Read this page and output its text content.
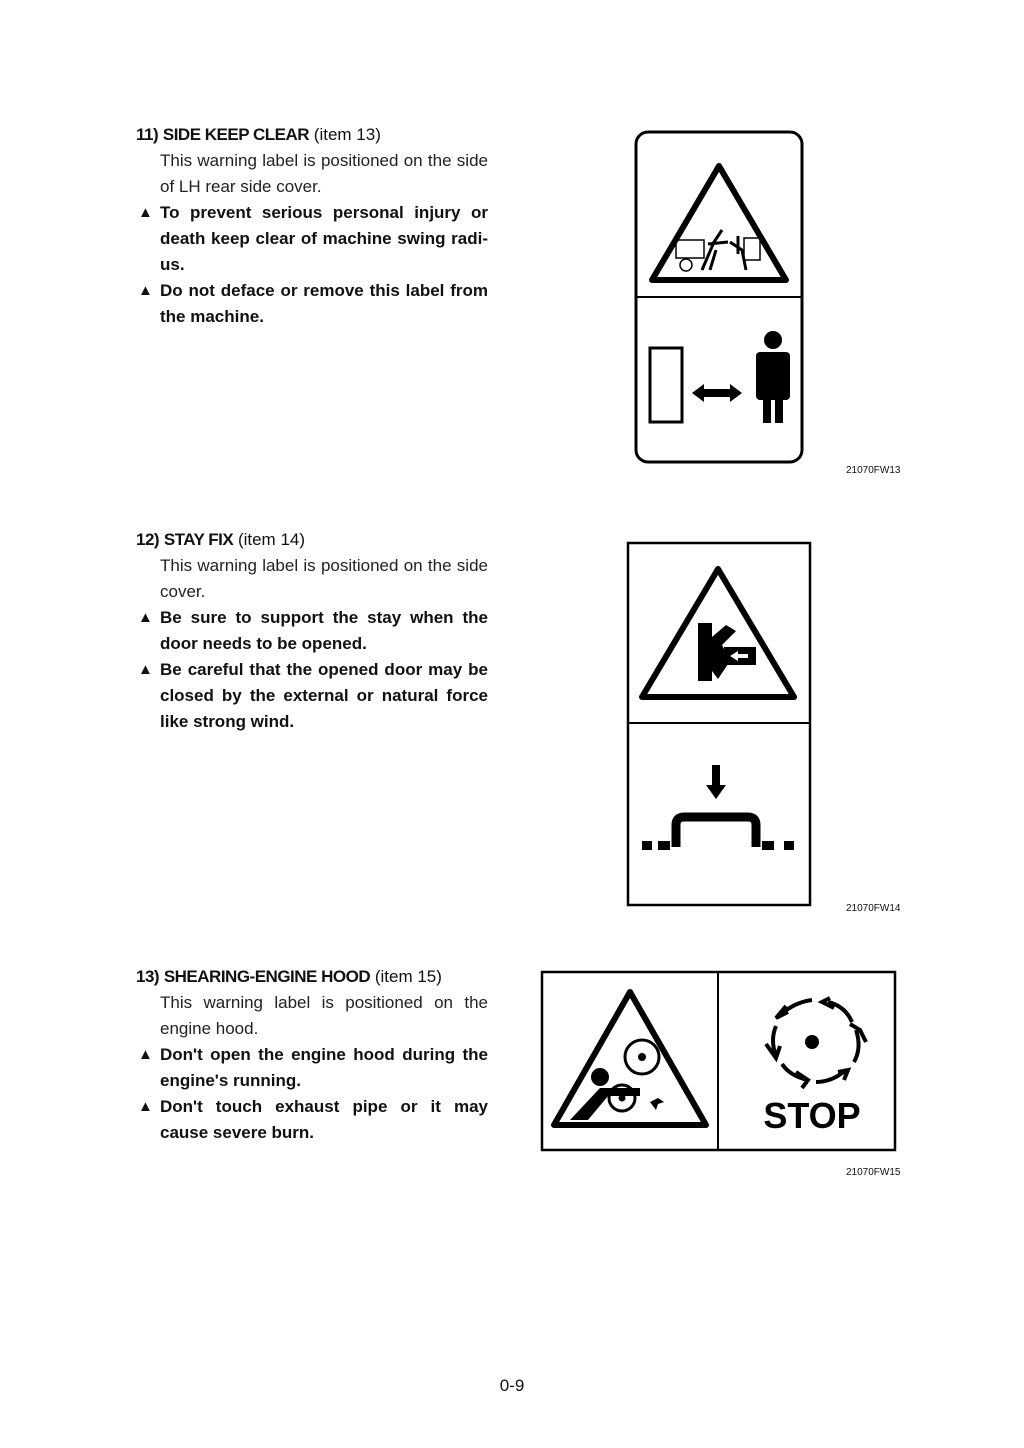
11) SIDE KEEP CLEAR (item 13)
This warning label is positioned on the side of LH rear side cover.
▲ To prevent serious personal injury or death keep clear of machine swing radi-us.
▲ Do not deface or remove this label from the machine.
21070FW13
12) STAY FIX (item 14)
This warning label is positioned on the side cover.
▲ Be sure to support the stay when the door needs to be opened.
▲ Be careful that the opened door may be closed by the external or natural force like strong wind.
21070FW14
13) SHEARING-ENGINE HOOD (item 15)
This warning label is positioned on the engine hood.
▲ Don't open the engine hood during the engine's running.
▲ Don't touch exhaust pipe or it may cause severe burn.	STOP
21070FW15
0-9
